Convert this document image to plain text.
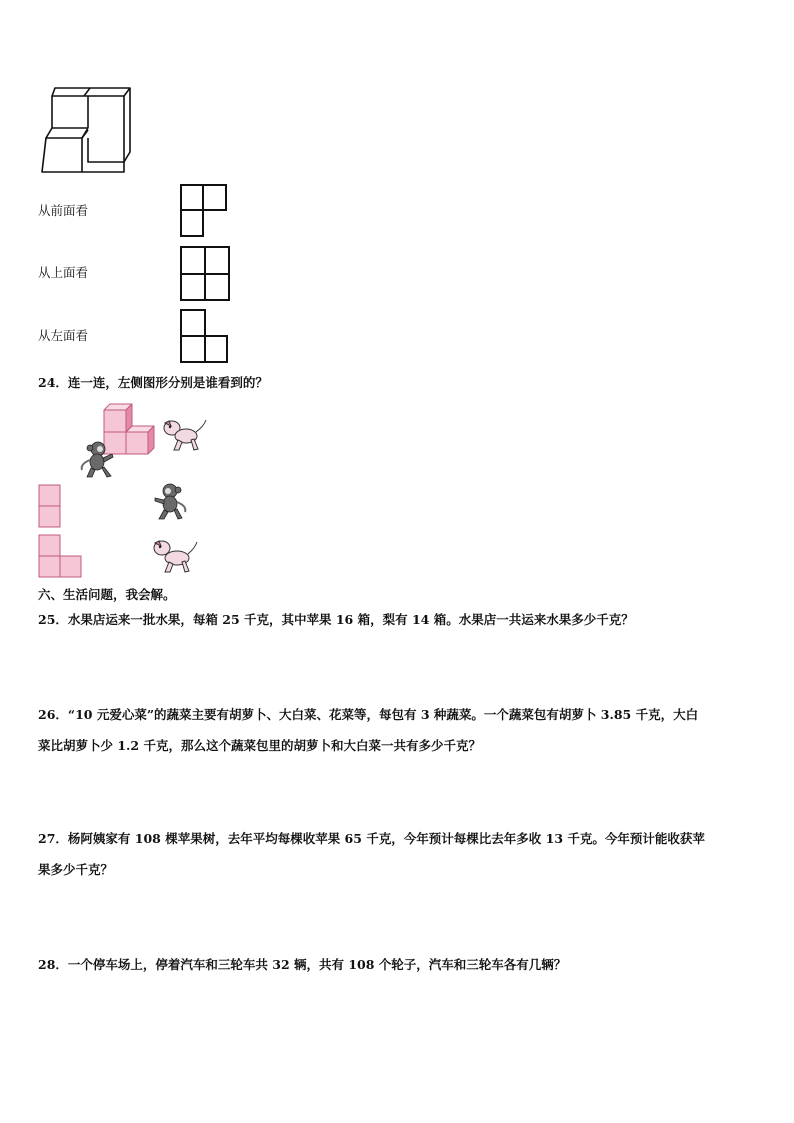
从前面看
从上面看
从左面看
24．连一连，左侧图形分别是谁看到的？
六、生活问题，我会解。
25．水果店运来一批水果，每箱 25 千克，其中苹果 16 箱，梨有 14 箱。水果店一共运来水果多少千克？
26．“10 元爱心菜”的蔬菜主要有胡萝卜、大白菜、花菜等，每包有 3 种蔬菜。一个蔬菜包有胡萝卜 3.85 千克，大白
菜比胡萝卜少 1.2 千克，那么这个蔬菜包里的胡萝卜和大白菜一共有多少千克？
27．杨阿姨家有 108 棵苹果树，去年平均每棵收苹果 65 千克，今年预计每棵比去年多收 13 千克。今年预计能收获苹
果多少千克？
28．一个停车场上，停着汽车和三轮车共 32 辆，共有 108 个轮子，汽车和三轮车各有几辆？
